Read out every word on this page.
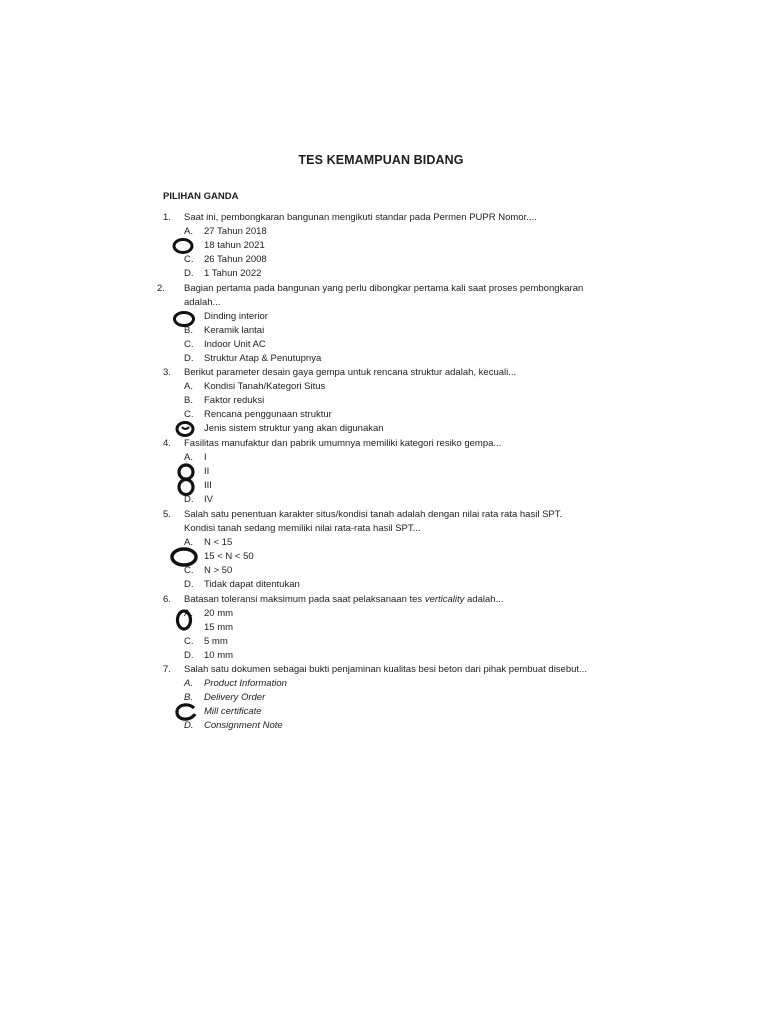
TES KEMAMPUAN BIDANG
PILIHAN GANDA
1. Saat ini, pembongkaran bangunan mengikuti standar pada Permen PUPR Nomor....
A. 27 Tahun 2018
18 tahun 2021
C. 26 Tahun 2008
D. 1 Tahun 2022
2. Bagian pertama pada bangunan yang perlu dibongkar pertama kali saat proses pembongkaran
adalah...
Dinding interior
B. Keramik lantai
C. Indoor Unit AC
D. Struktur Atap & Penutupnya
3. Berikut parameter desain gaya gempa untuk rencana struktur adalah, kecuali...
A. Kondisi Tanah/Kategori Situs
B. Faktor reduksi
C. Rencana penggunaan struktur
Jenis sistem struktur yang akan digunakan
4. Fasilitas manufaktur dan pabrik umumnya memiliki kategori resiko gempa...
A. I
II
III
D. IV
5. Salah satu penentuan karakter situs/kondisi tanah adalah dengan nilai rata rata hasil SPT.
Kondisi tanah sedang memiliki nilai rata-rata hasil SPT...
A. N < 15
15 < N < 50
C. N > 50
D. Tidak dapat ditentukan
6. Batasan toleransi maksimum pada saat pelaksanaan tes verticality adalah...
A. 20 mm
15 mm
C. 5 mm
D. 10 mm
7. Salah satu dokumen sebagai bukti penjaminan kualitas besi beton dari pihak pembuat disebut...
A. Product Information
B. Delivery Order
Mill certificate
D. Consignment Note
